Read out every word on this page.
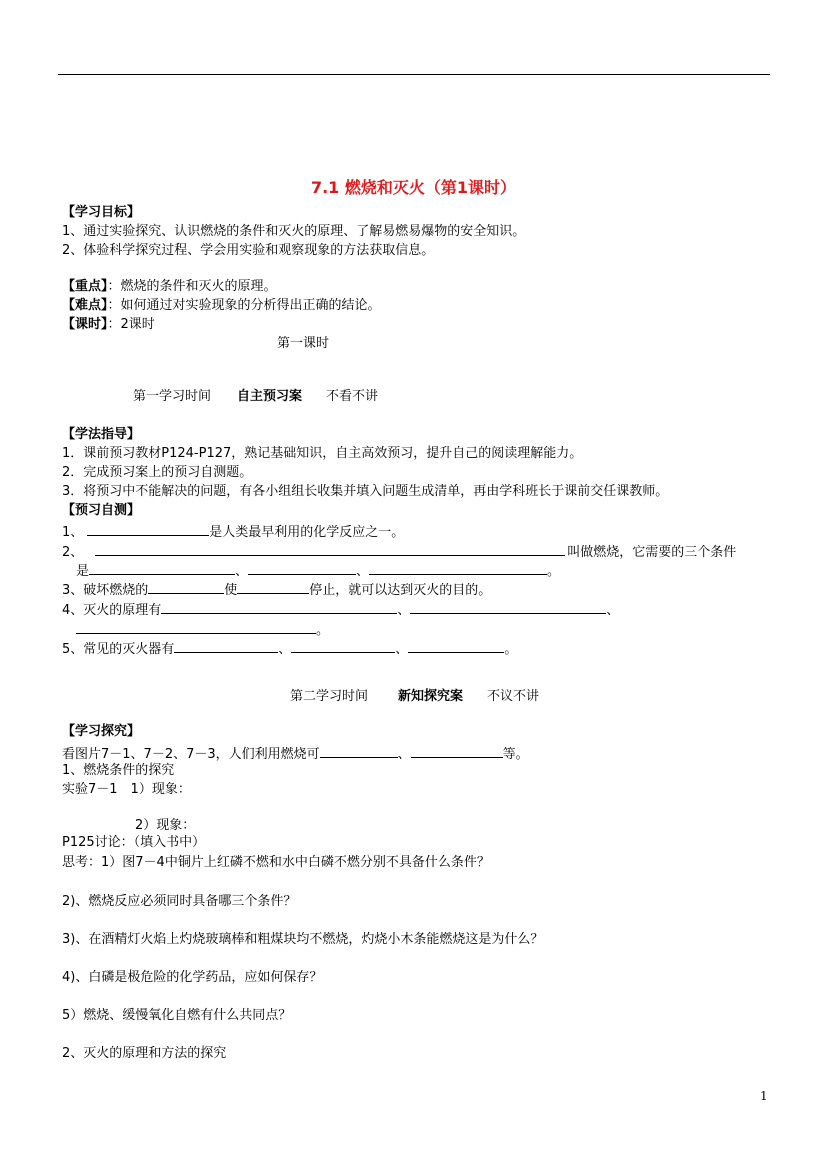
7.1 燃烧和灭火（第1课时）
【学习目标】
1、通过实验探究、认识燃烧的条件和灭火的原理、了解易燃易爆物的安全知识。
2、体验科学探究过程、学会用实验和观察现象的方法获取信息。
【重点】：燃烧的条件和灭火的原理。
【难点】：如何通过对实验现象的分析得出正确的结论。
【课时】：2课时
第一课时
第一学习时间 自主预习案 不看不讲
【学法指导】
1．课前预习教材P124-P127，熟记基础知识，自主高效预习，提升自己的阅读理解能力。
2．完成预习案上的预习自测题。
3．将预习中不能解决的问题，有各小组组长收集并填入问题生成清单，再由学科班长于课前交任课教师。
【预习自测】
1、	是人类最早利用的化学反应之一。
2、	叫做燃烧，它需要的三个条件
是	、	、	。
3、破坏燃烧的	使	停止，就可以达到灭火的目的。
4、灭火的原理有	、	、
。
5、常见的灭火器有	、	、	。
第二学习时间 新知探究案 不议不讲
【学习探究】
看图片7－1、7－2、7－3，人们利用燃烧可	、	等。
1、燃烧条件的探究
实验7－1　1）现象：
2）现象：
P125讨论：（填入书中）
思考：1）图7－4中铜片上红磷不燃和水中白磷不燃分别不具备什么条件？
2)、燃烧反应必须同时具备哪三个条件？
3)、在酒精灯火焰上灼烧玻璃棒和粗煤块均不燃烧，灼烧小木条能燃烧这是为什么？
4)、白磷是极危险的化学药品，应如何保存？
5）燃烧、缓慢氧化自燃有什么共同点？
2、灭火的原理和方法的探究
1
